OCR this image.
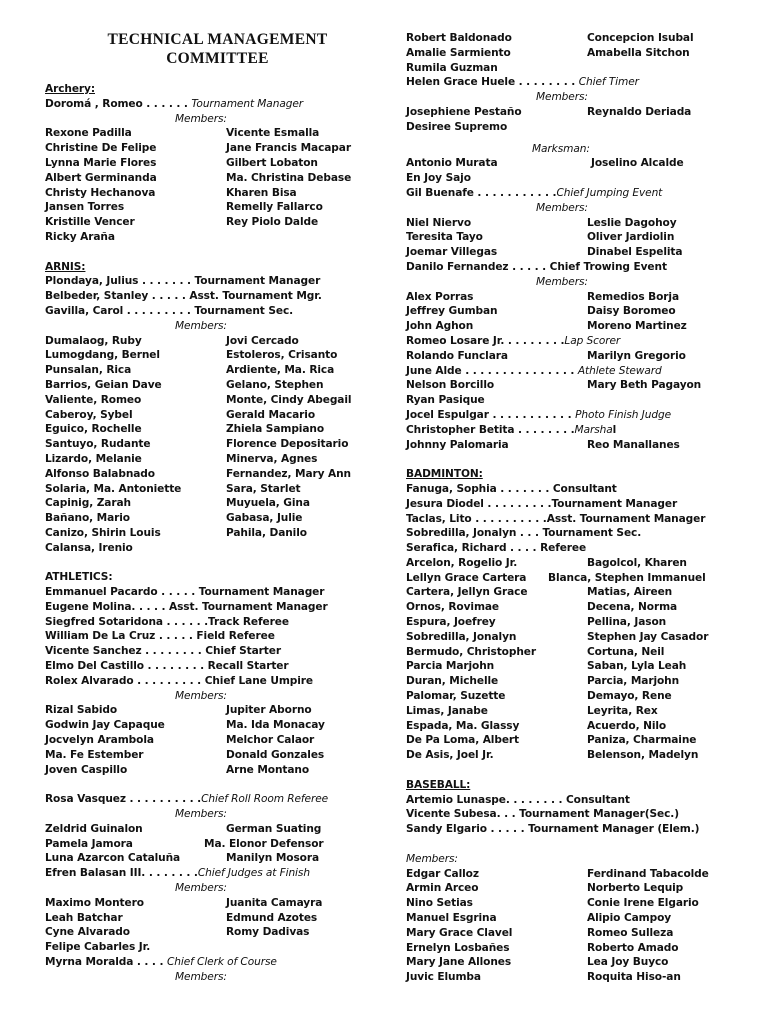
TECHNICAL MANAGEMENT
COMMITTEE
Archery:
Doromá , Romeo . . . . . . Tournament Manager
Members:
Rexone Padilla	Vicente Esmalla
Christine De Felipe	Jane Francis Macapar
Lynna Marie Flores	Gilbert Lobaton
Albert Germinanda	Ma. Christina Debase
Christy Hechanova	Kharen Bisa
Jansen Torres	Remelly Fallarco
Kristille Vencer	Rey Piolo Dalde
Ricky Arañа
ARNIS:
Plondaya, Julius . . . . . . . Tournament Manager
Belbeder, Stanley . . . . . Asst. Tournament Mgr.
Gavilla, Carol . . . . . . . . . Tournament Sec.
Members:
Dumalaog, Ruby	Jovi Cercado
Lumogdang, Bernel	Estoleros, Crisanto
Punsalan, Rica	Ardiente, Ma. Rica
Barrios, Geian Dave	Gelano, Stephen
Valiente, Romeo	Monte, Cindy Abegail
Caberoy, Sybel	Gerald Macario
Eguico, Rochelle	Zhiela Sampiano
Santuyo, Rudante	Florence Depositario
Lizardo, Melanie	Minerva, Agnes
Alfonso Balabnado	Fernandez, Mary Ann
Solaria, Ma. Antoniette	Sara, Starlet
Capinig, Zarah	Muyuela, Gina
Bañano, Mario	Gabasa, Julie
Canizo, Shirin Louis	Pahila, Danilo
Calansa, Irenio
ATHLETICS:
Emmanuel Pacardo . . . . . Tournament Manager
Eugene Molina. . . . . Asst. Tournament Manager
Siegfred Sotaridona . . . . . .Track Referee
William De La Cruz . . . . . Field Referee
Vicente Sanchez . . . . . . . . Chief Starter
Elmo Del Castillo . . . . . . . . Recall Starter
Rolex Alvarado . . . . . . . . . Chief Lane Umpire
Members:
Rizal Sabido	Jupiter Aborno
Godwin Jay Capaque	Ma. Ida Monacay
Jocvelyn Arambola	Melchor Calaor
Ma. Fe Estember	Donald Gonzales
Joven Caspillo	Arne Montano
Rosa Vasquez . . . . . . . . . .Chief Roll Room Referee
Members:
Zeldrid Guinalon	German Suating
Pamela Jamora	Ma. Elonor Defensor
Luna Azarcon Cataluña	Manilyn Mosora
Efren Balasan III. . . . . . . .Chief Judges at Finish
Members:
Maximo Montero	Juanita Camayra
Leah Batchar	Edmund Azotes
Cyne Alvarado	Romy Dadivas
Felipe Cabarles Jr.
Myrna Moralda . . . . Chief Clerk of Course
Members:
Robert Baldonado	Concepcion Isubal
Amalie Sarmiento	Amabella Sitchon
Rumila Guzman
Helen Grace Huele . . . . . . . . Chief Timer
Members:
Josephiene Pestaño	Reynaldo Deriada
Desiree Supremo
Marksman:
Antonio Murata	Joselino Alcalde
En Joy Sajo
Gil Buenafe . . . . . . . . . . .Chief Jumping Event
Members:
Niel Niervo	Leslie Dagohoy
Teresita Tayo	Oliver Jardiolin
Joemar Villegas	Dinabel Espelita
Danilo Fernandez . . . . . Chief Trowing Event
Members:
Alex Porras	Remedios Borja
Jeffrey Gumban	Daisy Boromeo
John Aghon	Moreno Martinez
Romeo Losare Jr. . . . . . . . .Lap Scorer
Rolando Funclara	Marilyn Gregorio
June Alde . . . . . . . . . . . . . . . Athlete Steward
Nelson Borcillo	Mary Beth Pagayon
Ryan Pasique
Jocel Espulgar . . . . . . . . . . . Photo Finish Judge
Christopher Betita . . . . . . . .Marshal
Johnny Palomaria	Reo Manallanes
BADMINTON:
Fanuga, Sophia . . . . . . . Consultant
Jesura Diodel . . . . . . . . .Tournament Manager
Taclas, Lito . . . . . . . . . .Asst. Tournament Manager
Sobredilla, Jonalyn . . . Tournament Sec.
Serafica, Richard . . . . Referee
Arcelon, Rogelio Jr.	Bagolcol, Kharen
Lellyn Grace Cartera Blanca, Stephen Immanuel
Cartera, Jellyn Grace	Matias, Aireen
Ornos, Rovimae	Decena, Norma
Espura, Joefrey	Pellina, Jason
Sobredilla, Jonalyn	Stephen Jay Casador
Bermudo, Christopher	Cortuna, Neil
Parcia Marjohn	Saban, Lyla Leah
Duran, Michelle	Parcia, Marjohn
Palomar, Suzette	Demayo, Rene
Limas, Janabe	Leyrita, Rex
Espada, Ma. Glassy	Acuerdo, Nilo
De Pa Loma, Albert	Paniza, Charmaine
De Asis, Joel Jr.	Belenson, Madelyn
BASEBALL:
Artemio Lunaspe. . . . . . . . Consultant
Vicente Subesa. . . Tournament Manager(Sec.)
Sandy Elgario . . . . . Tournament Manager (Elem.)
Members:
Edgar Calloz	Ferdinand Tabacolde
Armin Arceo	Norberto Lequip
Nino Setias	Conie Irene Elgario
Manuel Esgrina	Alipio Campoy
Mary Grace Clavel	Romeo Sulleza
Ernelyn Losbañes	Roberto Amado
Mary Jane Allones	Lea Joy Buyco
Juvic Elumba	Roquita Hiso-an
